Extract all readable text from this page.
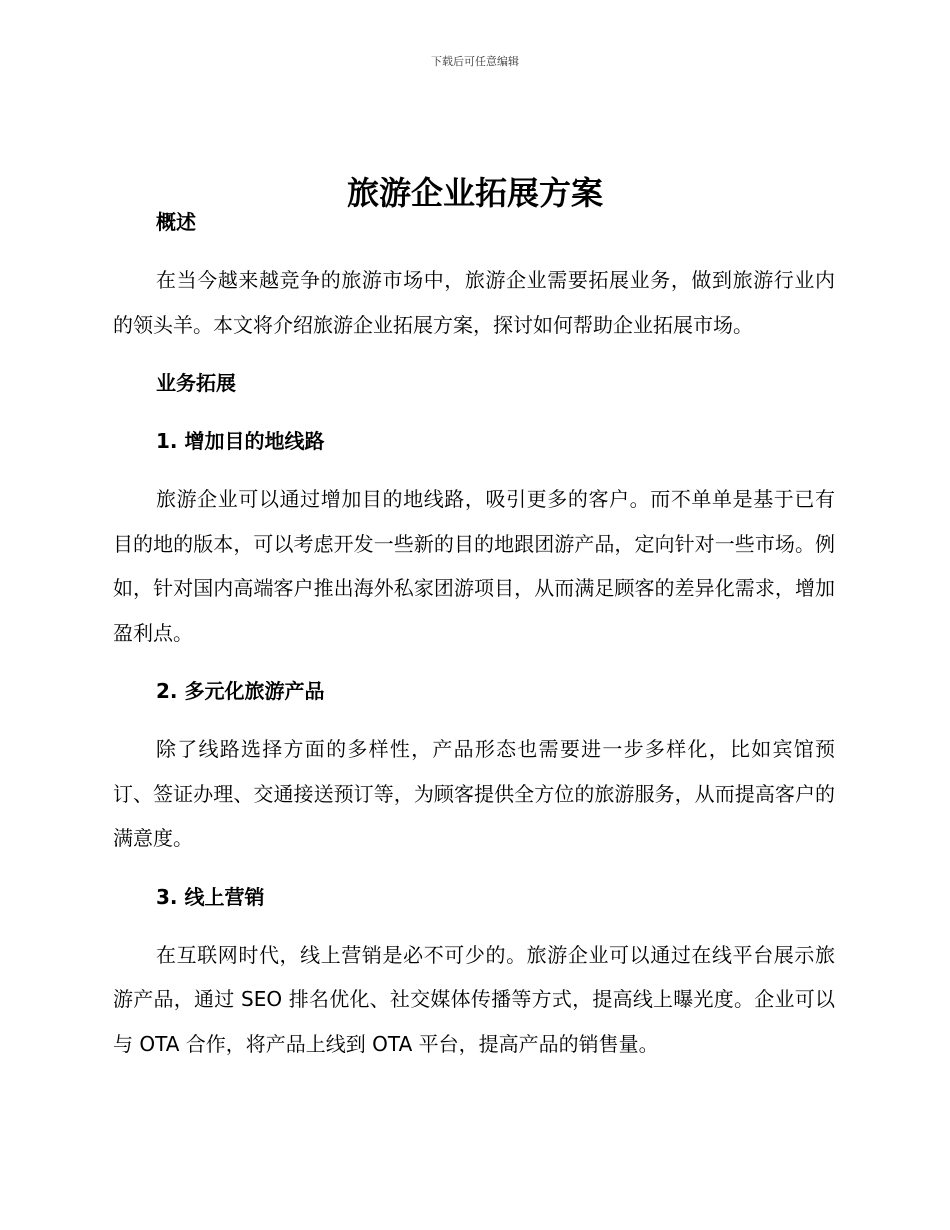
下载后可任意编辑
旅游企业拓展方案
概述

在当今越来越竞争的旅游市场中，旅游企业需要拓展业务，做到旅游行业内的领头羊。本文将介绍旅游企业拓展方案，探讨如何帮助企业拓展市场。

业务拓展
1. 增加目的地线路

旅游企业可以通过增加目的地线路，吸引更多的客户。而不单单是基于已有目的地的版本，可以考虑开发一些新的目的地跟团游产品，定向针对一些市场。例如，针对国内高端客户推出海外私家团游项目，从而满足顾客的差异化需求，增加盈利点。

2. 多元化旅游产品

除了线路选择方面的多样性，产品形态也需要进一步多样化，比如宾馆预订、签证办理、交通接送预订等，为顾客提供全方位的旅游服务，从而提高客户的满意度。

3. 线上营销

在互联网时代，线上营销是必不可少的。旅游企业可以通过在线平台展示旅游产品，通过 SEO 排名优化、社交媒体传播等方式，提高线上曝光度。企业可以与 OTA 合作，将产品上线到 OTA 平台，提高产品的销售量。
